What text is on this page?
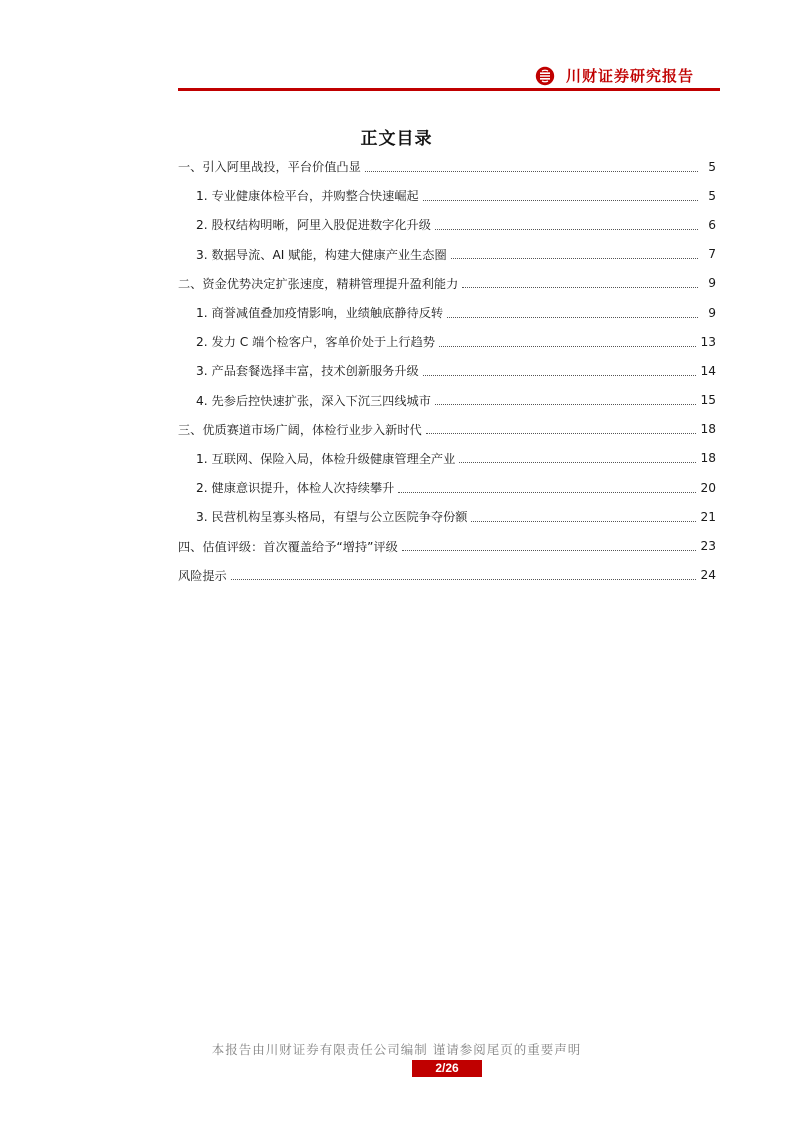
川财证券研究报告
正文目录
一、引入阿里战投，平台价值凸显	5
1. 专业健康体检平台，并购整合快速崛起	5
2. 股权结构明晰，阿里入股促进数字化升级	6
3. 数据导流、AI 赋能，构建大健康产业生态圈	7
二、资金优势决定扩张速度，精耕管理提升盈利能力	9
1. 商誉减值叠加疫情影响，业绩触底静待反转	9
2. 发力 C 端个检客户，客单价处于上行趋势	13
3. 产品套餐选择丰富，技术创新服务升级	14
4. 先参后控快速扩张，深入下沉三四线城市	15
三、优质赛道市场广阔，体检行业步入新时代	18
1. 互联网、保险入局，体检升级健康管理全产业	18
2. 健康意识提升，体检人次持续攀升	20
3. 民营机构呈寡头格局，有望与公立医院争夺份额	21
四、估值评级：首次覆盖给予“增持”评级	23
风险提示	24
本报告由川财证券有限责任公司编制 谨请参阅尾页的重要声明
2/26
